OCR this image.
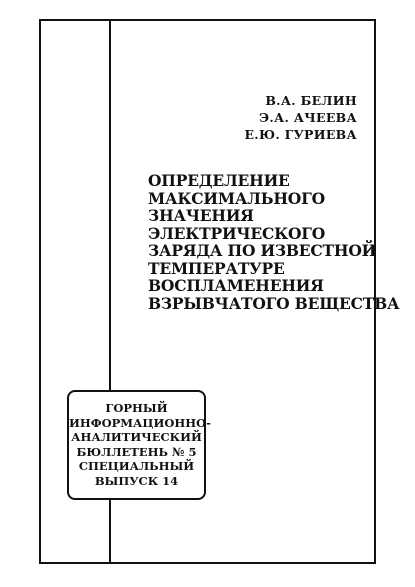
В.А. БЕЛИН
Э.А. АЧЕЕВА
Е.Ю. ГУРИЕВА
ОПРЕДЕЛЕНИЕ
МАКСИМАЛЬНОГО
ЗНАЧЕНИЯ
ЭЛЕКТРИЧЕСКОГО
ЗАРЯДА ПО ИЗВЕСТНОЙ
ТЕМПЕРАТУРЕ
ВОСПЛАМЕНЕНИЯ
ВЗРЫВЧАТОГО ВЕЩЕСТВА
ГОРНЫЙ
ИНФОРМАЦИОННО-
АНАЛИТИЧЕСКИЙ
БЮЛЛЕТЕНЬ № 5
СПЕЦИАЛЬНЫЙ
ВЫПУСК 14
